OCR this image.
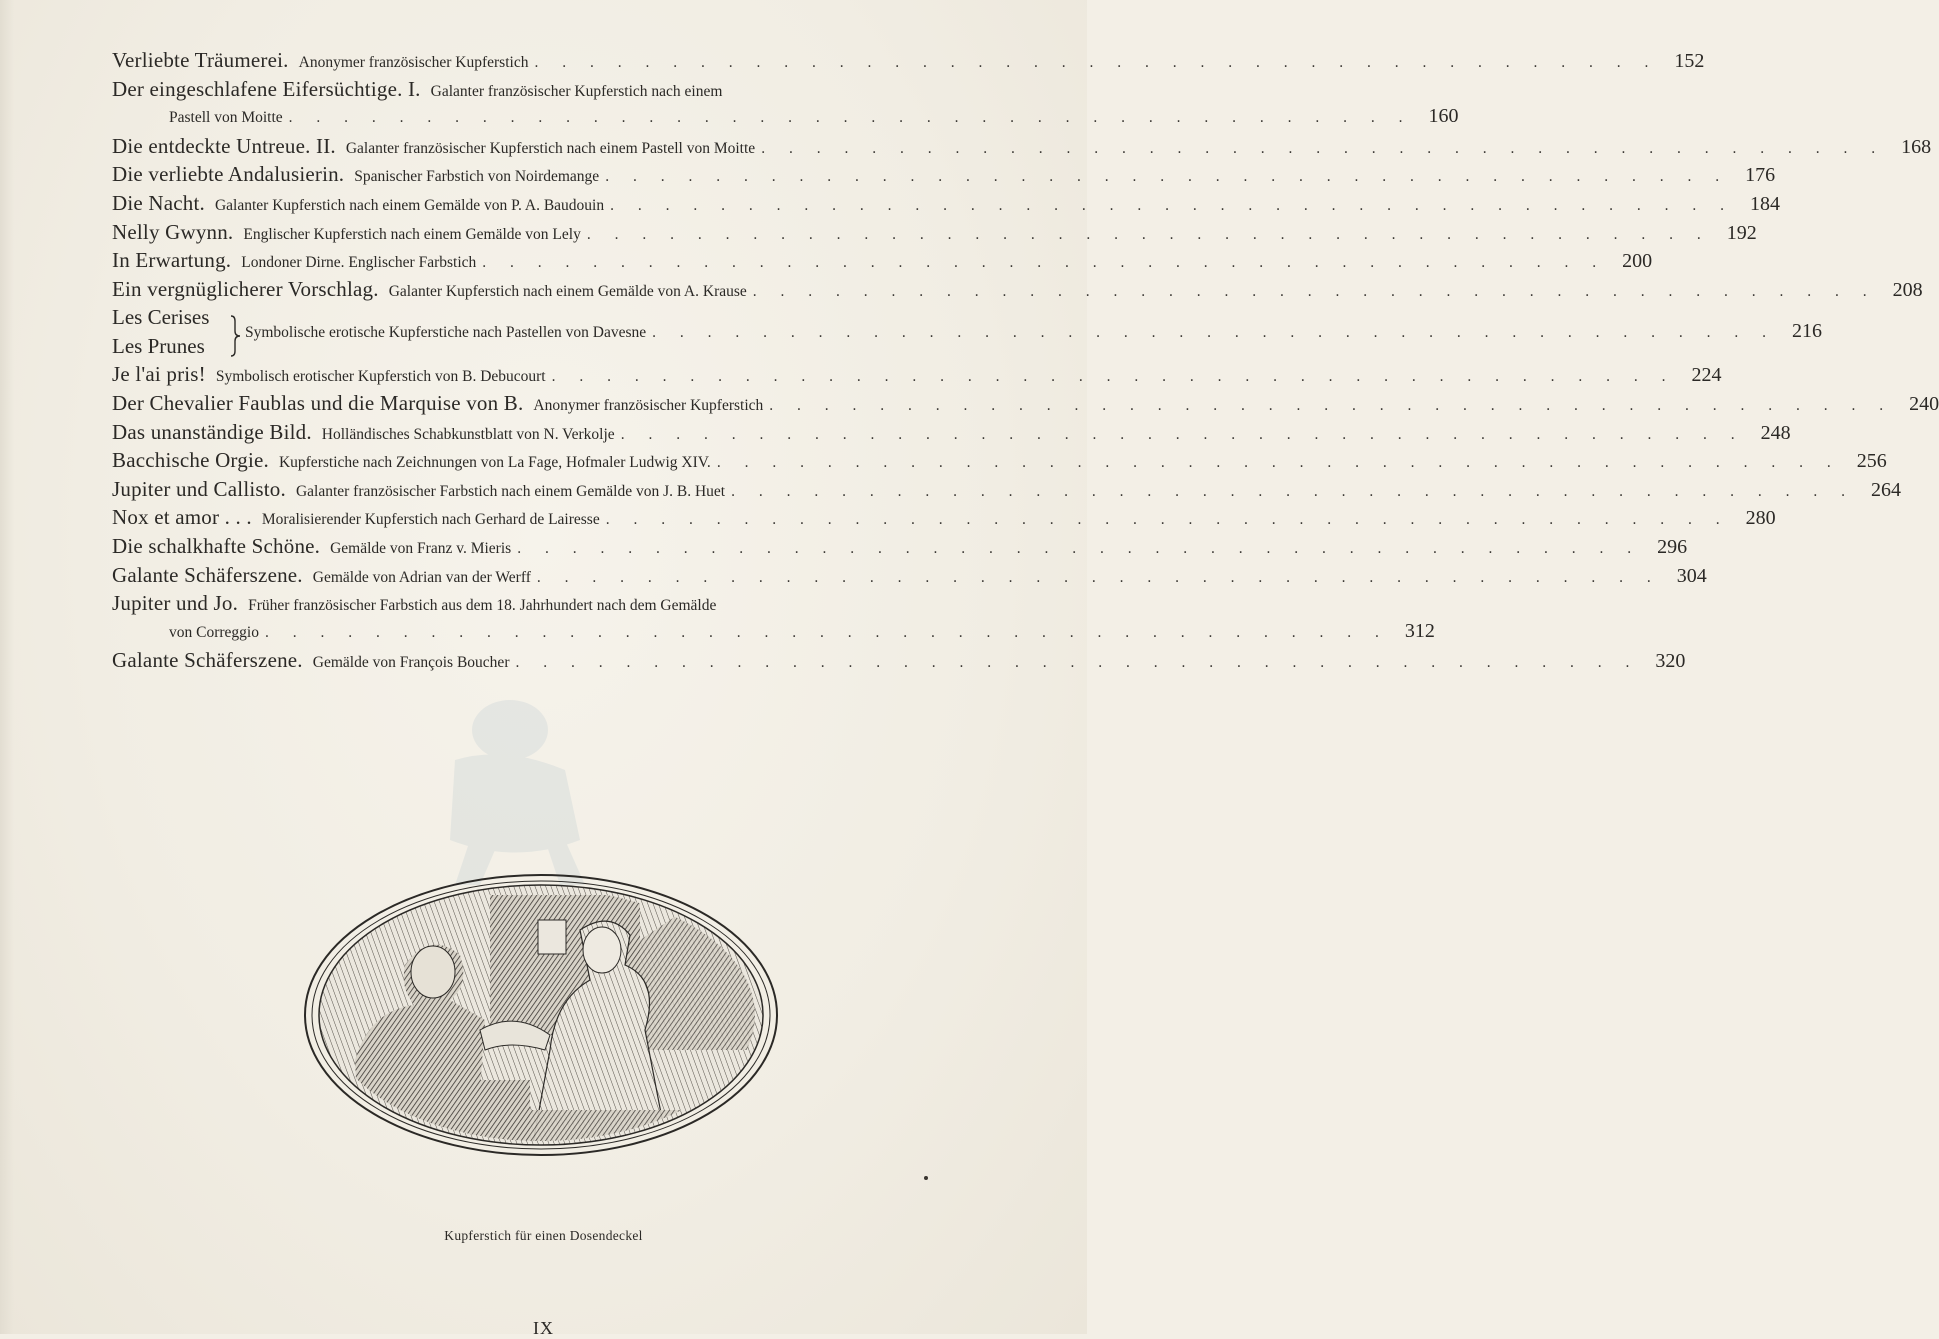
Verliebte Träumerei. Anonymer französischer Kupferstich . . . . . . . . . . . . . . . . . . . . . . . . . . . . . . . . . . . . . . . . . 152
Der eingeschlafene Eifersüchtige. I. Galanter französischer Kupferstich nach einem
Pastell von Moitte . . . . . . . . . . . . . . . . . . . . . . . . . . . . . . . . . . . . . . . . . 160
Die entdeckte Untreue. II. Galanter französischer Kupferstich nach einem Pastell von Moitte . . . . . . . . . . . . . . . . . . . . . . . . . . . . . . . . . . . . . . . . . 168
Die verliebte Andalusierin. Spanischer Farbstich von Noirdemange . . . . . . . . . . . . . . . . . . . . . . . . . . . . . . . . . . . . . . . . . 176
Die Nacht. Galanter Kupferstich nach einem Gemälde von P. A. Baudouin . . . . . . . . . . . . . . . . . . . . . . . . . . . . . . . . . . . . . . . . . 184
Nelly Gwynn. Englischer Kupferstich nach einem Gemälde von Lely . . . . . . . . . . . . . . . . . . . . . . . . . . . . . . . . . . . . . . . . . 192
In Erwartung. Londoner Dirne. Englischer Farbstich . . . . . . . . . . . . . . . . . . . . . . . . . . . . . . . . . . . . . . . . . 200
Ein vergnüglicherer Vorschlag. Galanter Kupferstich nach einem Gemälde von A. Krause . . . . . . . . . . . . . . . . . . . . . . . . . . . . . . . . . . . . . . . . . 208
Les Cerises
Les Prunes
Symbolische erotische Kupferstiche nach Pastellen von Davesne . . . . . . . . . . . . . . . . . . . . . . . . . . . . . . . . . . . . . . . . . 216
Je l'ai pris! Symbolisch erotischer Kupferstich von B. Debucourt . . . . . . . . . . . . . . . . . . . . . . . . . . . . . . . . . . . . . . . . . 224
Der Chevalier Faublas und die Marquise von B. Anonymer französischer Kupferstich . . . . . . . . . . . . . . . . . . . . . . . . . . . . . . . . . . . . . . . . . 240
Das unanständige Bild. Holländisches Schabkunstblatt von N. Verkolje . . . . . . . . . . . . . . . . . . . . . . . . . . . . . . . . . . . . . . . . . 248
Bacchische Orgie. Kupferstiche nach Zeichnungen von La Fage, Hofmaler Ludwig XIV. . . . . . . . . . . . . . . . . . . . . . . . . . . . . . . . . . . . . . . . . . 256
Jupiter und Callisto. Galanter französischer Farbstich nach einem Gemälde von J. B. Huet . . . . . . . . . . . . . . . . . . . . . . . . . . . . . . . . . . . . . . . . . 264
Nox et amor . . . Moralisierender Kupferstich nach Gerhard de Lairesse . . . . . . . . . . . . . . . . . . . . . . . . . . . . . . . . . . . . . . . . . 280
Die schalkhafte Schöne. Gemälde von Franz v. Mieris . . . . . . . . . . . . . . . . . . . . . . . . . . . . . . . . . . . . . . . . . 296
Galante Schäferszene. Gemälde von Adrian van der Werff . . . . . . . . . . . . . . . . . . . . . . . . . . . . . . . . . . . . . . . . . 304
Jupiter und Jo. Früher französischer Farbstich aus dem 18. Jahrhundert nach dem Gemälde
von Correggio . . . . . . . . . . . . . . . . . . . . . . . . . . . . . . . . . . . . . . . . . 312
Galante Schäferszene. Gemälde von François Boucher . . . . . . . . . . . . . . . . . . . . . . . . . . . . . . . . . . . . . . . . . 320
Kupferstich für einen Dosendeckel
IX
